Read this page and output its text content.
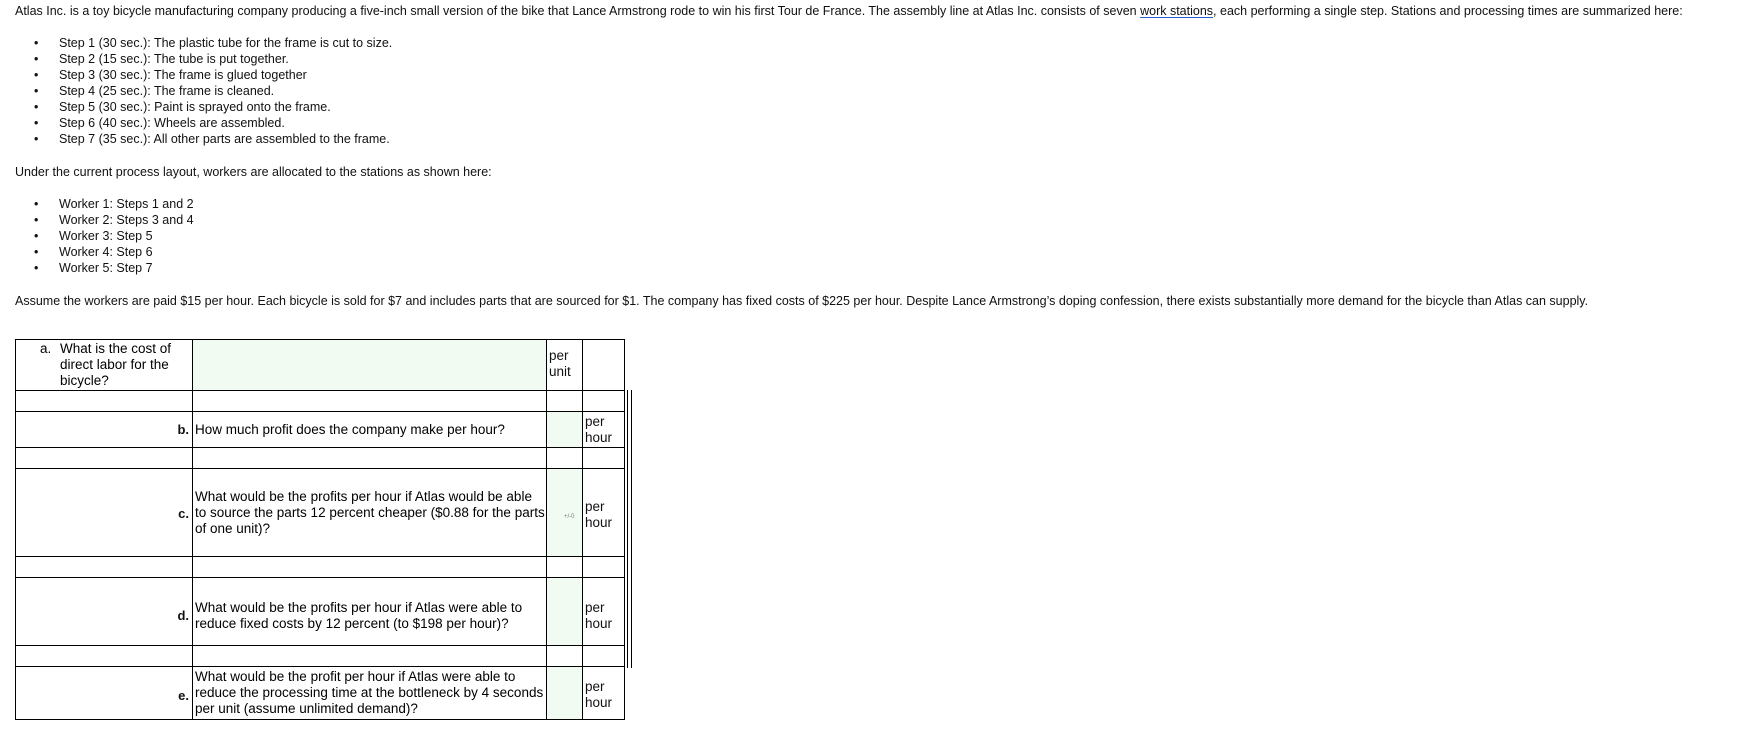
Atlas Inc. is a toy bicycle manufacturing company producing a five-inch small version of the bike that Lance Armstrong rode to win his first Tour de France. The assembly line at Atlas Inc. consists of seven work stations, each performing a single step. Stations and processing times are summarized here:

• Step 1 (30 sec.): The plastic tube for the frame is cut to size.
• Step 2 (15 sec.): The tube is put together.
• Step 3 (30 sec.): The frame is glued together
• Step 4 (25 sec.): The frame is cleaned.
• Step 5 (30 sec.): Paint is sprayed onto the frame.
• Step 6 (40 sec.): Wheels are assembled.
• Step 7 (35 sec.): All other parts are assembled to the frame.

Under the current process layout, workers are allocated to the stations as shown here:

• Worker 1: Steps 1 and 2
• Worker 2: Steps 3 and 4
• Worker 3: Step 5
• Worker 4: Step 6
• Worker 5: Step 7

Assume the workers are paid $15 per hour. Each bicycle is sold for $7 and includes parts that are sourced for $1. The company has fixed costs of $225 per hour. Despite Lance Armstrong’s doping confession, there exists substantially more demand for the bicycle than Atlas can supply.

a. What is the cost of direct labor for the bicycle?
per
unit
b. How much profit does the company make per hour?
per
hour
c.
What would be the profits per hour if Atlas would be able to source the parts 12 percent cheaper ($0.88 for the parts of one unit)?
+/-0
per
hour
d.
What would be the profits per hour if Atlas were able to reduce fixed costs by 12 percent (to $198 per hour)?
per
hour
e.
What would be the profit per hour if Atlas were able to reduce the processing time at the bottleneck by 4 seconds per unit (assume unlimited demand)?
per
hour
